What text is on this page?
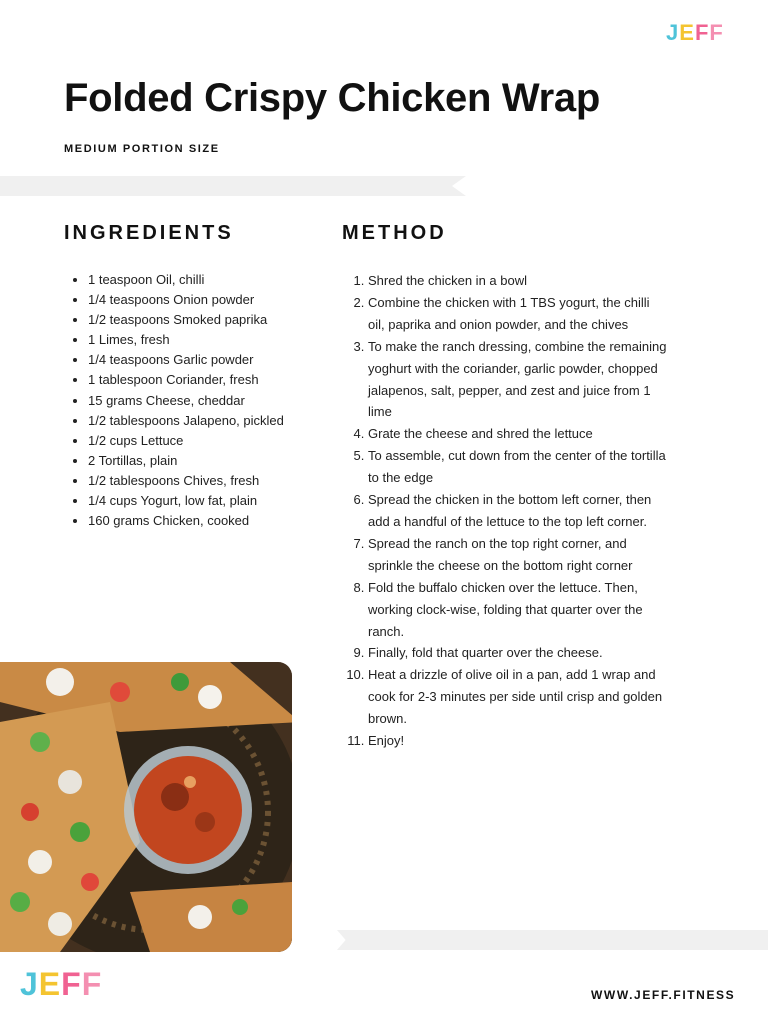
J E F F
Folded Crispy Chicken Wrap
MEDIUM PORTION SIZE
INGREDIENTS	METHOD
• 1 teaspoon Oil, chilli
• 1/4 teaspoons Onion powder
• 1/2 teaspoons Smoked paprika
• 1 Limes, fresh
• 1/4 teaspoons Garlic powder
• 1 tablespoon Coriander, fresh
• 15 grams Cheese, cheddar
• 1/2 tablespoons Jalapeno, pickled
• 1/2 cups Lettuce
• 2 Tortillas, plain
• 1/2 tablespoons Chives, fresh
• 1/4 cups Yogurt, low fat, plain
• 160 grams Chicken, cooked
1. Shred the chicken in a bowl
2. Combine the chicken with 1 TBS yogurt, the chilli oil, paprika and onion powder, and the chives
3. To make the ranch dressing, combine the remaining yoghurt with the coriander, garlic powder, chopped jalapenos, salt, pepper, and zest and juice from 1 lime
4. Grate the cheese and shred the lettuce
5. To assemble, cut down from the center of the tortilla to the edge
6. Spread the chicken in the bottom left corner, then add a handful of the lettuce to the top left corner.
7. Spread the ranch on the top right corner, and sprinkle the cheese on the bottom right corner
8. Fold the buffalo chicken over the lettuce. Then, working clock-wise, folding that quarter over the ranch.
9. Finally, fold that quarter over the cheese.
10. Heat a drizzle of olive oil in a pan, add 1 wrap and cook for 2-3 minutes per side until crisp and golden brown.
11. Enjoy!
J E F F	WWW.JEFF.FITNESS
